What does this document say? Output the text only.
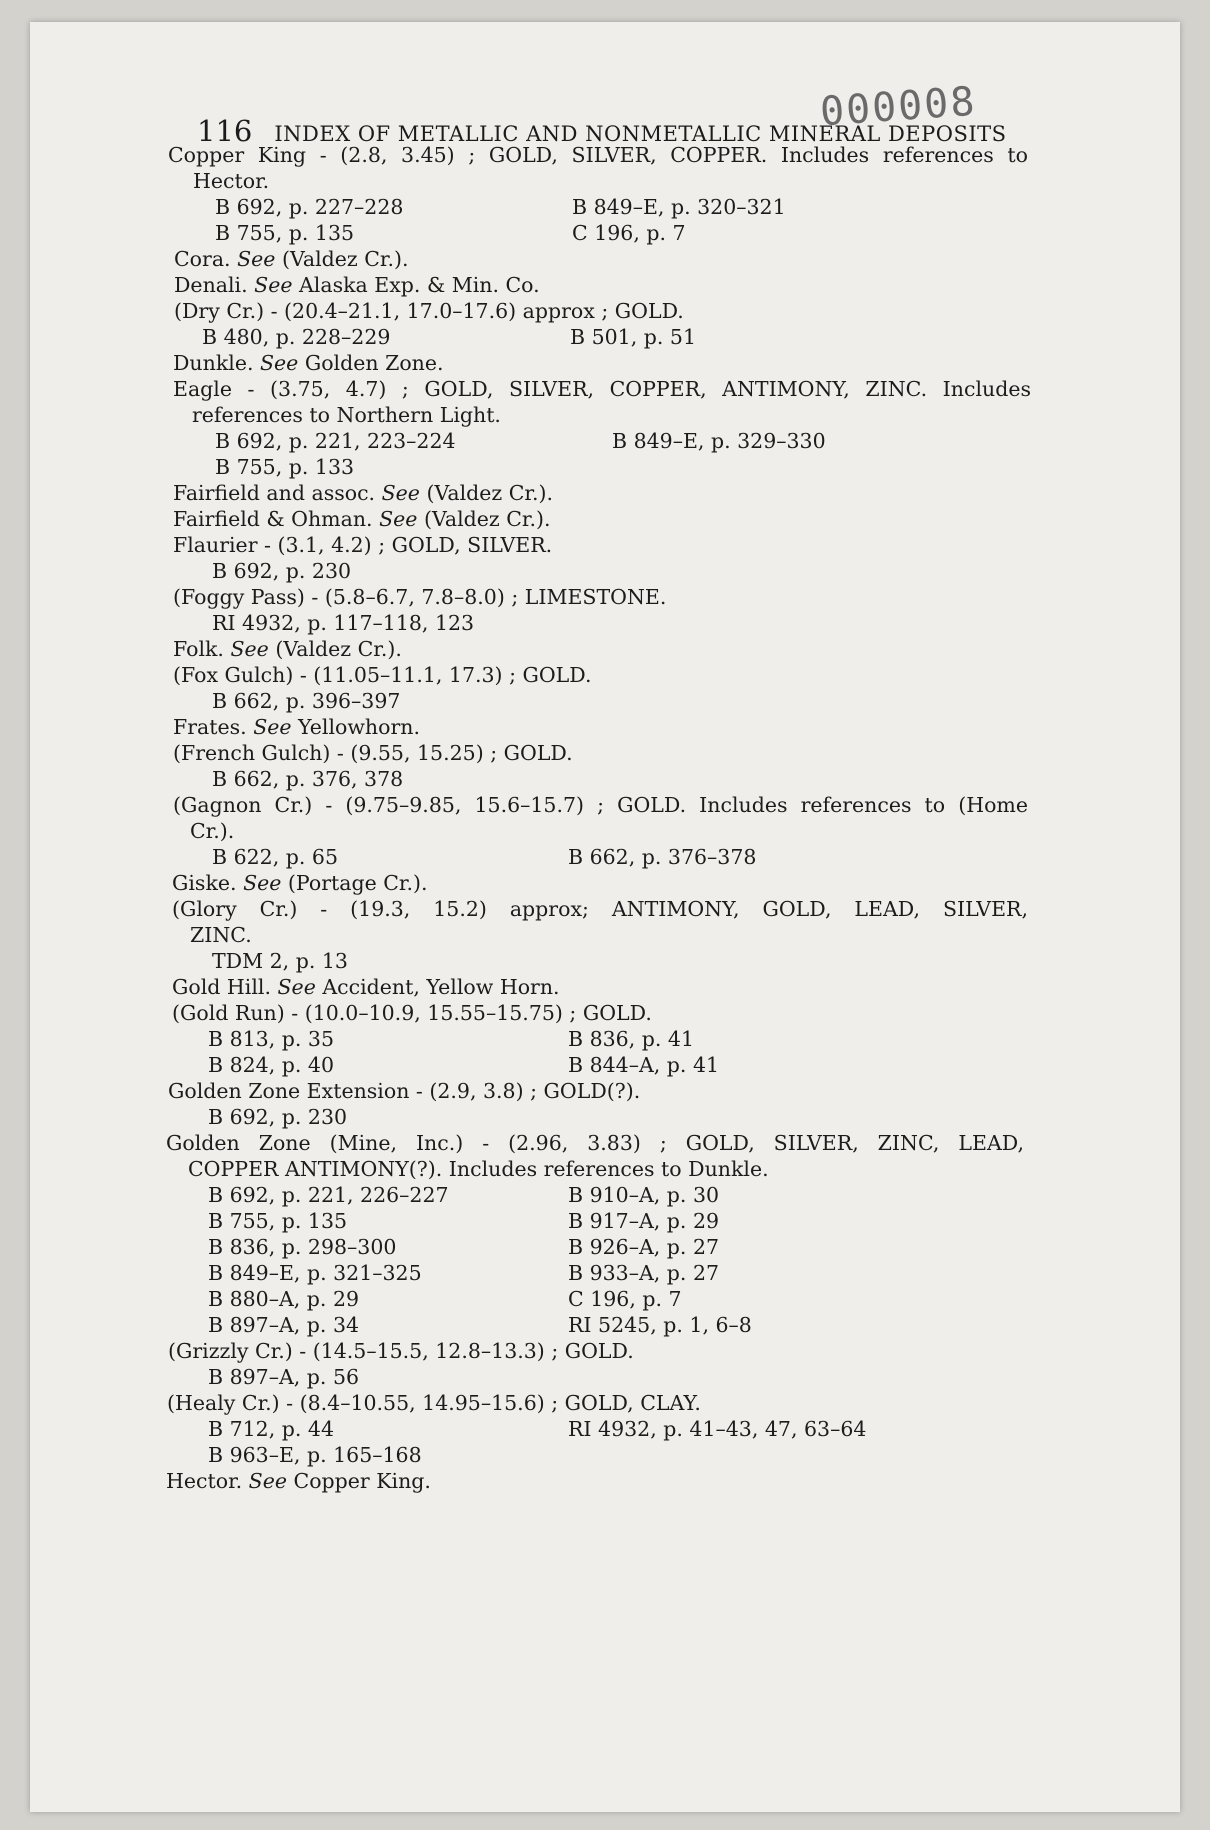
000008
116 INDEX OF METALLIC AND NONMETALLIC MINERAL DEPOSITS
Copper King - (2.8, 3.45) ; GOLD, SILVER, COPPER. Includes references to
Hector.
B 692, p. 227–228	B 849–E, p. 320–321
B 755, p. 135	C 196, p. 7
Cora. See (Valdez Cr.).
Denali. See Alaska Exp. & Min. Co.
(Dry Cr.) - (20.4–21.1, 17.0–17.6) approx ; GOLD.
B 480, p. 228–229	B 501, p. 51
Dunkle. See Golden Zone.
Eagle - (3.75, 4.7) ; GOLD, SILVER, COPPER, ANTIMONY, ZINC. Includes
references to Northern Light.
B 692, p. 221, 223–224	B 849–E, p. 329–330
B 755, p. 133
Fairfield and assoc. See (Valdez Cr.).
Fairfield & Ohman. See (Valdez Cr.).
Flaurier - (3.1, 4.2) ; GOLD, SILVER.
B 692, p. 230
(Foggy Pass) - (5.8–6.7, 7.8–8.0) ; LIMESTONE.
RI 4932, p. 117–118, 123
Folk. See (Valdez Cr.).
(Fox Gulch) - (11.05–11.1, 17.3) ; GOLD.
B 662, p. 396–397
Frates. See Yellowhorn.
(French Gulch) - (9.55, 15.25) ; GOLD.
B 662, p. 376, 378
(Gagnon Cr.) - (9.75–9.85, 15.6–15.7) ; GOLD. Includes references to (Home
Cr.).
B 622, p. 65	B 662, p. 376–378
Giske. See (Portage Cr.).
(Glory Cr.) - (19.3, 15.2) approx; ANTIMONY, GOLD, LEAD, SILVER,
ZINC.
TDM 2, p. 13
Gold Hill. See Accident, Yellow Horn.
(Gold Run) - (10.0–10.9, 15.55–15.75) ; GOLD.
B 813, p. 35	B 836, p. 41
B 824, p. 40	B 844–A, p. 41
Golden Zone Extension - (2.9, 3.8) ; GOLD(?).
B 692, p. 230
Golden Zone (Mine, Inc.) - (2.96, 3.83) ; GOLD, SILVER, ZINC, LEAD,
COPPER ANTIMONY(?). Includes references to Dunkle.
B 692, p. 221, 226–227	B 910–A, p. 30
B 755, p. 135	B 917–A, p. 29
B 836, p. 298–300	B 926–A, p. 27
B 849–E, p. 321–325	B 933–A, p. 27
B 880–A, p. 29	C 196, p. 7
B 897–A, p. 34	RI 5245, p. 1, 6–8
(Grizzly Cr.) - (14.5–15.5, 12.8–13.3) ; GOLD.
B 897–A, p. 56
(Healy Cr.) - (8.4–10.55, 14.95–15.6) ; GOLD, CLAY.
B 712, p. 44	RI 4932, p. 41–43, 47, 63–64
B 963–E, p. 165–168
Hector. See Copper King.
